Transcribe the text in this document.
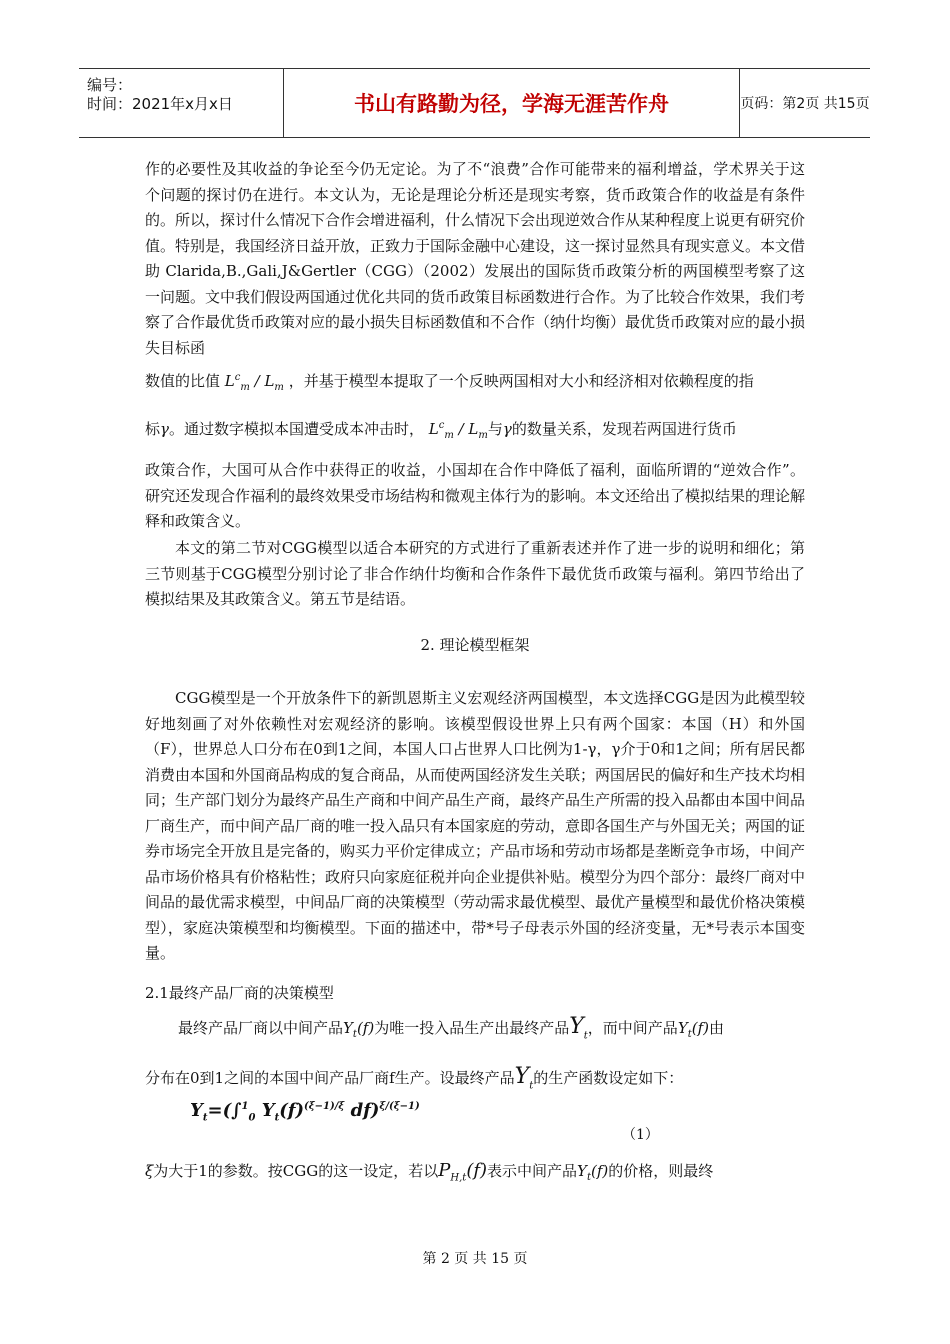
编号：
时间：2021年x月x日	书山有路勤为径，学海无涯苦作舟	页码：第2页 共15页
作的必要性及其收益的争论至今仍无定论。为了不“浪费”合作可能带来的福利增益，学术界关于这个问题的探讨仍在进行。本文认为，无论是理论分析还是现实考察，货币政策合作的收益是有条件的。所以，探讨什么情况下合作会增进福利，什么情况下会出现逆效合作从某种程度上说更有研究价值。特别是，我国经济日益开放，正致力于国际金融中心建设，这一探讨显然具有现实意义。本文借助 Clarida,B.,Gali,J&Gertler（CGG）（2002）发展出的国际货币政策分析的两国模型考察了这一问题。文中我们假设两国通过优化共同的货币政策目标函数进行合作。为了比较合作效果，我们考察了合作最优货币政策对应的最小损失目标函数值和不合作（纳什均衡）最优货币政策对应的最小损失目标函
数值的比值 $L^c_m / L_m$ ，并基于模型本提取了一个反映两国相对大小和经济相对依赖程度的指
标γ。通过数字模拟本国遭受成本冲击时， $L^c_m / L_m$与γ的数量关系，发现若两国进行货币
政策合作，大国可从合作中获得正的收益，小国却在合作中降低了福利，面临所谓的“逆效合作”。研究还发现合作福利的最终效果受市场结构和微观主体行为的影响。本文还给出了模拟结果的理论解释和政策含义。
本文的第二节对CGG模型以适合本研究的方式进行了重新表述并作了进一步的说明和细化；第三节则基于CGG模型分别讨论了非合作纳什均衡和合作条件下最优货币政策与福利。第四节给出了模拟结果及其政策含义。第五节是结语。
2. 理论模型框架
CGG模型是一个开放条件下的新凯恩斯主义宏观经济两国模型，本文选择CGG是因为此模型较好地刻画了对外依赖性对宏观经济的影响。该模型假设世界上只有两个国家：本国（H）和外国（F），世界总人口分布在0到1之间，本国人口占世界人口比例为1-γ，γ介于0和1之间；所有居民都消费由本国和外国商品构成的复合商品，从而使两国经济发生关联；两国居民的偏好和生产技术均相同；生产部门划分为最终产品生产商和中间产品生产商，最终产品生产所需的投入品都由本国中间品厂商生产，而中间产品厂商的唯一投入品只有本国家庭的劳动，意即各国生产与外国无关；两国的证券市场完全开放且是完备的，购买力平价定律成立；产品市场和劳动市场都是垄断竞争市场，中间产品市场价格具有价格粘性；政府只向家庭征税并向企业提供补贴。模型分为四个部分：最终厂商对中间品的最优需求模型，中间品厂商的决策模型（劳动需求最优模型、最优产量模型和最优价格决策模型），家庭决策模型和均衡模型。下面的描述中，带*号子母表示外国的经济变量，无*号表示本国变量。
2.1最终产品厂商的决策模型
最终产品厂商以中间产品$Y_t(f)$为唯一投入品生产出最终产品$Y_t$，而中间产品$Y_t(f)$由
分布在0到1之间的本国中间产品厂商f生产。设最终产品$Y_t$的生产函数设定如下：
$Y_t=(\int^1_0$ $Y_t(f)^{(\xi-1)/\xi}$ df)$^{\xi/(\xi-1)}$
（1）
ξ为大于1的参数。按CGG的这一设定，若以$P_{H,t}(f)$表示中间产品$Y_t(f)$的价格，则最终
第 2 页 共 15 页
